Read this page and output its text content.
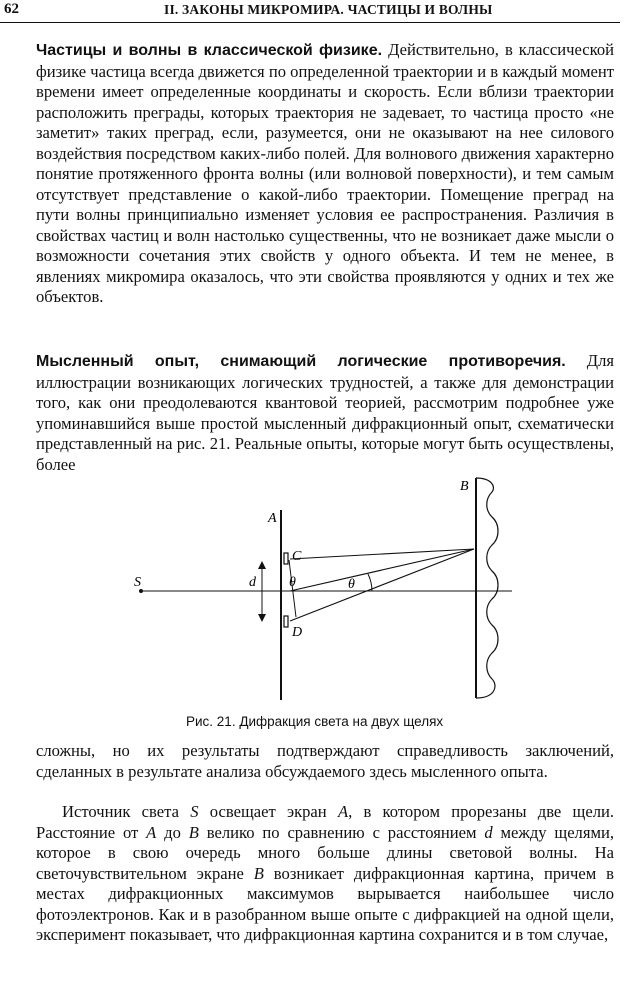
62	II. ЗАКОНЫ МИКРОМИРА. ЧАСТИЦЫ И ВОЛНЫ

Частицы и волны в классической физике. Действительно, в классической физике частица всегда движется по определенной траектории и в каждый момент времени имеет определенные координаты и скорость. Если вблизи траектории расположить преграды, которых траектория не задевает, то частица просто «не заметит» таких преград, если, разумеется, они не оказывают на нее силового воздействия посредством каких-либо полей. Для волнового движения характерно понятие протяженного фронта волны (или волновой поверхности), и тем самым отсутствует представление о какой-либо траектории. Помещение преград на пути волны принципиально изменяет условия ее распространения. Различия в свойствах частиц и волн настолько существенны, что не возникает даже мысли о возможности сочетания этих свойств у одного объекта. И тем не менее, в явлениях микромира оказалось, что эти свойства проявляются у одних и тех же объектов.

Мысленный опыт, снимающий логические противоречия. Для иллюстрации возникающих логических трудностей, а также для демонстрации того, как они преодолеваются квантовой теорией, рассмотрим подробнее уже упоминавшийся выше простой мысленный дифракционный опыт, схематически представленный на рис. 21. Реальные опыты, которые могут быть осуществлены, более

S
A
B
C
D
d θ	θ
Рис. 21. Дифракция света на двух щелях

сложны, но их результаты подтверждают справедливость заключений, сделанных в результате анализа обсуждаемого здесь мысленного опыта.

Источник света S освещает экран A, в котором прорезаны две щели. Расстояние от A до B велико по сравнению с расстоянием d между щелями, которое в свою очередь много больше длины световой волны. На светочувствительном экране B возникает дифракционная картина, причем в местах дифракционных максимумов вырывается наибольшее число фотоэлектронов. Как и в разобранном выше опыте с дифракцией на одной щели, эксперимент показывает, что дифракционная картина сохранится и в том случае,
